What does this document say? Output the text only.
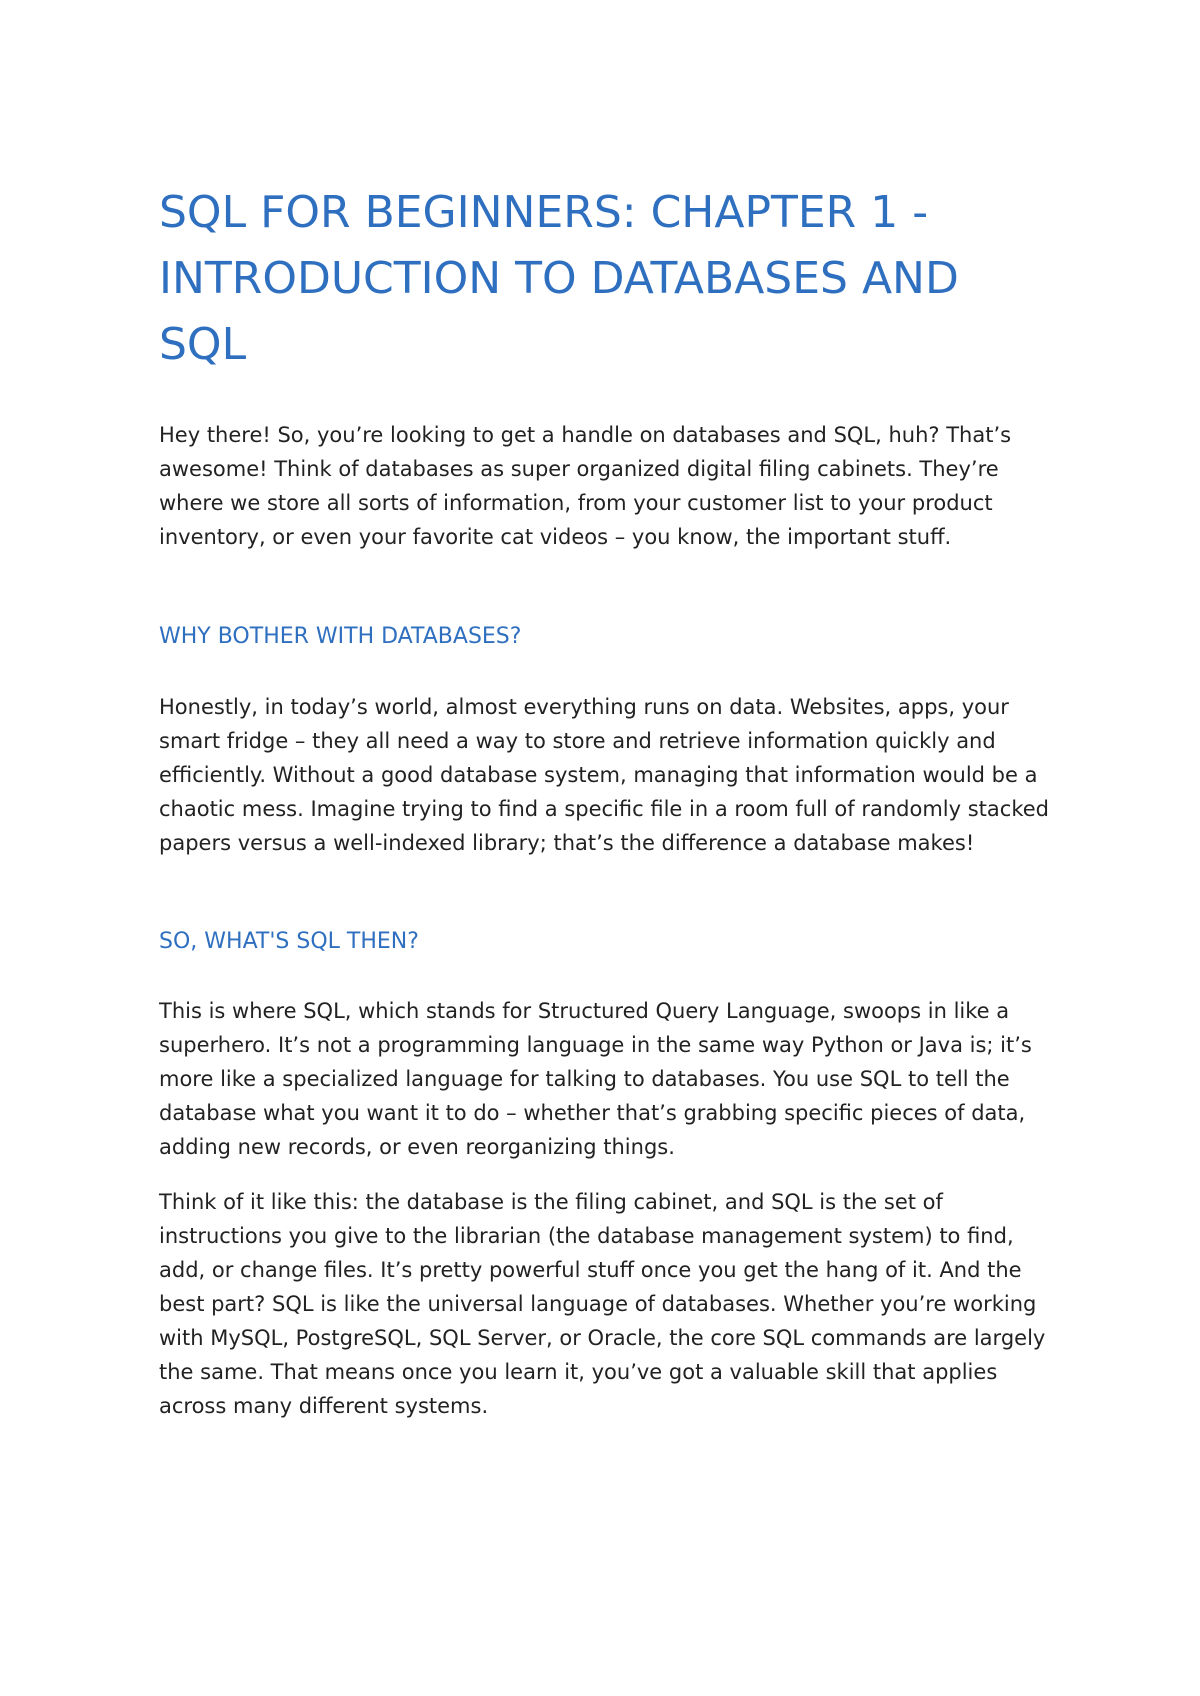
SQL FOR BEGINNERS: CHAPTER 1 - INTRODUCTION TO DATABASES AND SQL

Hey there! So, you’re looking to get a handle on databases and SQL, huh? That’s awesome! Think of databases as super organized digital filing cabinets. They’re where we store all sorts of information, from your customer list to your product inventory, or even your favorite cat videos – you know, the important stuff.

WHY BOTHER WITH DATABASES?

Honestly, in today’s world, almost everything runs on data. Websites, apps, your smart fridge – they all need a way to store and retrieve information quickly and efficiently. Without a good database system, managing that information would be a chaotic mess. Imagine trying to find a specific file in a room full of randomly stacked papers versus a well-indexed library; that’s the difference a database makes!

SO, WHAT'S SQL THEN?

This is where SQL, which stands for Structured Query Language, swoops in like a superhero. It’s not a programming language in the same way Python or Java is; it’s more like a specialized language for talking to databases. You use SQL to tell the database what you want it to do – whether that’s grabbing specific pieces of data, adding new records, or even reorganizing things.

Think of it like this: the database is the filing cabinet, and SQL is the set of instructions you give to the librarian (the database management system) to find, add, or change files. It’s pretty powerful stuff once you get the hang of it. And the best part? SQL is like the universal language of databases. Whether you’re working with MySQL, PostgreSQL, SQL Server, or Oracle, the core SQL commands are largely the same. That means once you learn it, you’ve got a valuable skill that applies across many different systems.
